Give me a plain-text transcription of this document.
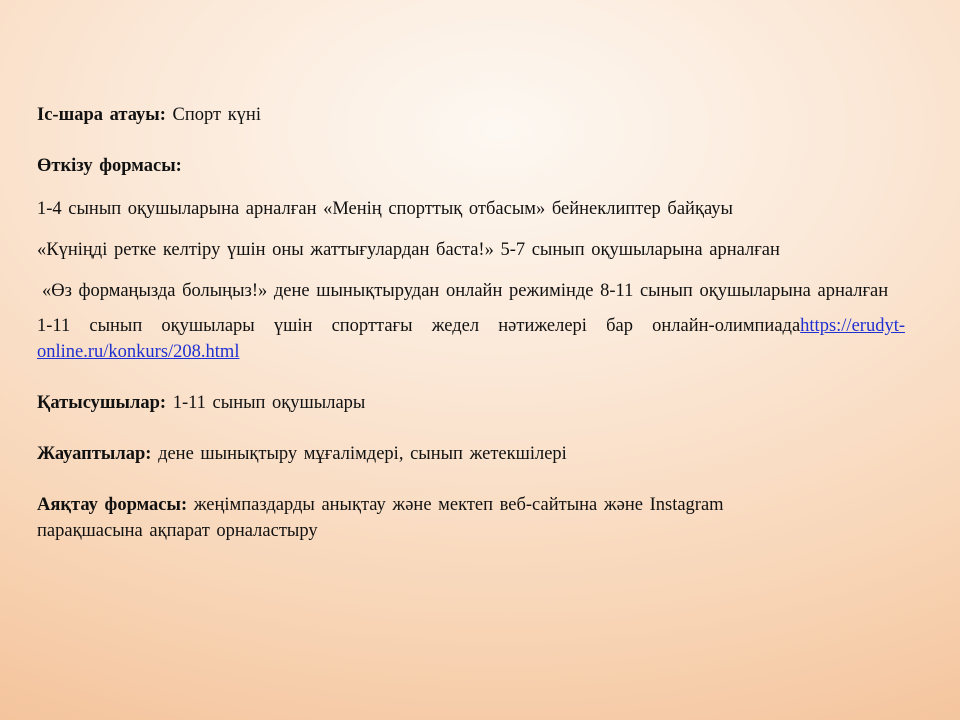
Іс-шара атауы: Спорт күні

Өткізу формасы:

1-4 сынып оқушыларына арналған «Менің спорттық отбасым» бейнеклиптер байқауы

«Күніңді ретке келтіру үшін оны жаттығулардан баста!» 5-7 сынып оқушыларына арналған

«Өз формаңызда болыңыз!» дене шынықтырудан онлайн режимінде 8-11 сынып оқушыларына арналған

1-11 сынып оқушылары үшін спорттағы жедел нәтижелері бар онлайн-олимпиадаhttps://erudyt-online.ru/konkurs/208.html

Қатысушылар: 1-11 сынып оқушылары

Жауаптылар: дене шынықтыру мұғалімдері, сынып жетекшілері

Аяқтау формасы: жеңімпаздарды анықтау және мектеп веб-сайтына және Instagram парақшасына ақпарат орналастыру
